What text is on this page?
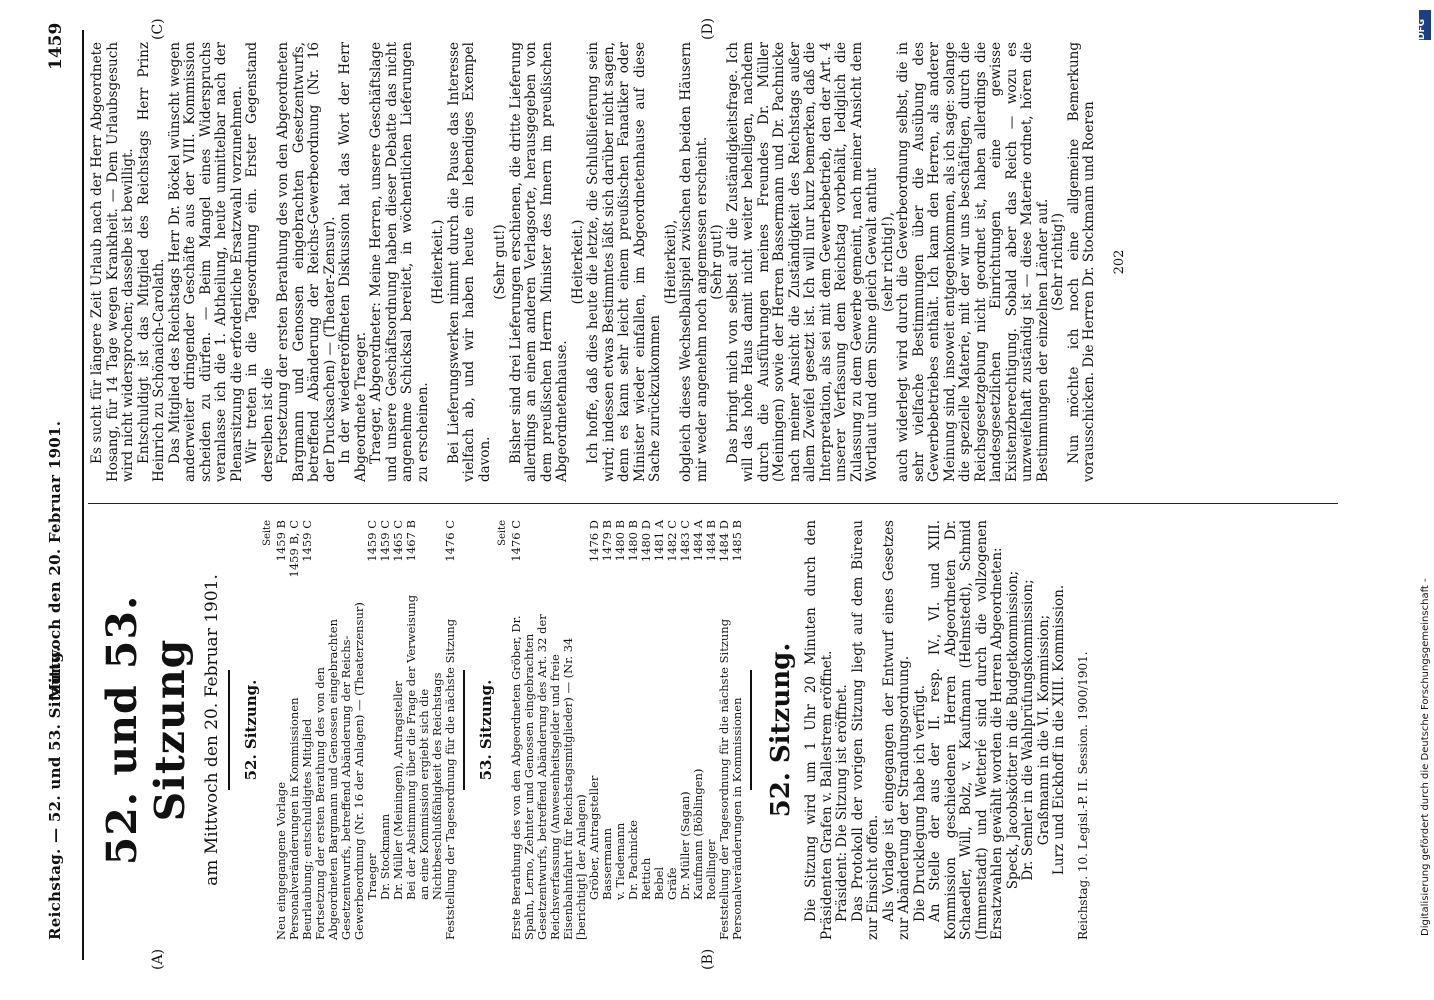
Reichstag. — 52. und 53. Sitzung.
Mittwoch den 20. Februar 1901.
1459
(A)	(B)
(C)	(D)
52. und 53. Sitzung am Mittwoch den 20. Februar 1901. 52. Sitzung.
Seite
Neu eingegangene Vorlage
1459 B
Personalveränderungen in Kommissionen
1459 B, C
Beurlaubung; entschuldigtes Mitglied
1459 C
Fortsetzung der ersten Berathung des von den Abgeordneten Bargmann und Genossen eingebrachten Gesetzentwurfs, betreffend Abänderung der Reichs-Gewerbeordnung (Nr. 16 der Anlagen) — (Theaterzensur) Traeger
1459 C
Dr. Stockmann
1459 C
Dr. Müller (Meiningen), Antragsteller
1465 C
Bei der Abstimmung über die Frage der Verweisung an eine Kommission ergiebt sich die Nichtbeschlußfähigkeit des Reichstags
1467 B
Feststellung der Tagesordnung für die nächste Sitzung
1476 C
53. Sitzung.
Seite
Erste Berathung des von den Abgeordneten Gröber, Dr. Spahn, Lerno, Zehnter und Genossen eingebrachten Gesetzentwurfs, betreffend Abänderung des Art. 32 der Reichsverfassung (Anwesenheitsgelder und freie Eisenbahnfahrt für Reichstagsmitglieder) — (Nr. 34 [berichtigt] der Anlagen)
1476 C
Gröber, Antragsteller
1476 D
Bassermann
1479 B
v. Tiedemann
1480 B
Dr. Pachnicke
1480 B
Rettich
1480 D
Bebel
1481 A
Gräfe
1482 C
Dr. Müller (Sagan)
1483 C
Kaufmann (Böblingen)
1484 A
Roellinger
1484 B
Feststellung der Tagesordnung für die nächste Sitzung
1484 D
Personalveränderungen in Kommissionen
1485 B
52. Sitzung. Die Sitzung wird um 1 Uhr 20 Minuten durch den Präsidenten Grafen v. Ballestrem eröffnet. Präsident: Die Sitzung ist eröffnet. Das Protokoll der vorigen Sitzung liegt auf dem Büreau zur Einsicht offen. Als Vorlage ist eingegangen der Entwurf eines Gesetzes zur Abänderung der Strandungsordnung. Die Drucklegung habe ich verfügt. An Stelle der aus der II. resp. IV., VI. und XIII. Kommission geschiedenen Herren Abgeordneten Dr. Schaedler, Will, Bolz, v. Kaufmann (Helmstedt), Schmid (Immenstadt) und Wetterlé sind durch die vollzogenen Ersatzwahlen gewählt worden die Herren Abgeordneten: Speck, Jacobskötter in die Budgetkommission; Dr. Semler in die Wahlprüfungskommission; Graßmann in die VI. Kommission; Lurz und Eickhoff in die XIII. Kommission. Reichstag. 10. Legisl.-P. II. Session. 1900/1901.

Es sucht für längere Zeit Urlaub nach der Herr Abgeordnete Hosang, für 14 Tage wegen Krankheit. — Dem Urlaubsgesuch wird nicht widersprochen; dasselbe ist bewilligt. Entschuldigt ist das Mitglied des Reichstags Herr Prinz Heinrich zu Schönaich-Carolath. Das Mitglied des Reichstags Herr Dr. Böckel wünscht wegen anderweiter dringender Geschäfte aus der VIII. Kommission scheiden zu dürfen. — Beim Mangel eines Widerspruchs veranlasse ich die 1. Abtheilung, heute unmittelbar nach der Plenarsitzung die erforderliche Ersatzwahl vorzunehmen. Wir treten in die Tagesordnung ein. Erster Gegenstand derselben ist die Fortsetzung der ersten Berathung des von den Abgeordneten Bargmann und Genossen eingebrachten Gesetzentwurfs, betreffend Abänderung der Reichs-Gewerbeordnung (Nr. 16 der Drucksachen) — (Theater-Zensur). In der wiedereröffneten Diskussion hat das Wort der Herr Abgeordnete Traeger. Traeger, Abgeordneter: Meine Herren, unsere Geschäftslage und unsere Geschäftsordnung haben dieser Debatte das nicht angenehme Schicksal bereitet, in wöchentlichen Lieferungen zu erscheinen.

(Heiterkeit.) Bei Lieferungswerken nimmt durch die Pause das Interesse vielfach ab, und wir haben heute ein lebendiges Exempel davon.

(Sehr gut!) Bisher sind drei Lieferungen erschienen, die dritte Lieferung allerdings an einem anderen Verlagsorte, herausgegeben von dem preußischen Herrn Minister des Innern im preußischen Abgeordnetenhause.

(Heiterkeit.) Ich hoffe, daß dies heute die letzte, die Schlußlieferung sein wird; indessen etwas Bestimmtes läßt sich darüber nicht sagen, denn es kann sehr leicht einem preußischen Fanatiker oder Minister wieder einfallen, im Abgeordnetenhause auf diese Sache zurückzukommen

(Heiterkeit), obgleich dieses Wechselballspiel zwischen den beiden Häusern mir weder angenehm noch angemessen erscheint. (Sehr gut!) Das bringt mich von selbst auf die Zuständigkeitsfrage. Ich will das hohe Haus damit nicht weiter behelligen, nachdem durch die Ausführungen meines Freundes Dr. Müller (Meiningen) sowie der Herren Bassermann und Dr. Pachnicke nach meiner Ansicht die Zuständigkeit des Reichstags außer allem Zweifel gesetzt ist. Ich will nur kurz bemerken, daß die Interpretation, als sei mit dem Gewerbebetrieb, den der Art. 4 unserer Verfassung dem Reichstag vorbehält, lediglich die Zulassung zu dem Gewerbe gemeint, nach meiner Ansicht dem Wortlaut und dem Sinne gleich Gewalt anthut (sehr richtig!), auch widerlegt wird durch die Gewerbeordnung selbst, die in sehr vielfache Bestimmungen über die Ausübung des Gewerbebetriebes enthält. Ich kann den Herren, als anderer Meinung sind, insoweit entgegenkommen, als ich sage: solange die spezielle Materie, mit der wir uns beschäftigen, durch die Reichsgesetzgebung nicht geordnet ist, haben allerdings die landesgesetzlichen Einrichtungen eine gewisse Existenzberechtigung. Sobald aber das Reich — wozu es unzweifelhaft zuständig ist — diese Materie ordnet, hören die Bestimmungen der einzelnen Länder auf. (Sehr richtig!) Nun möchte ich noch eine allgemeine Bemerkung vorausschicken. Die Herren Dr. Stockmann und Roeren 202
Digitalisierung gefördert durch die Deutsche Forschungsgemeinschaft -
DFG
